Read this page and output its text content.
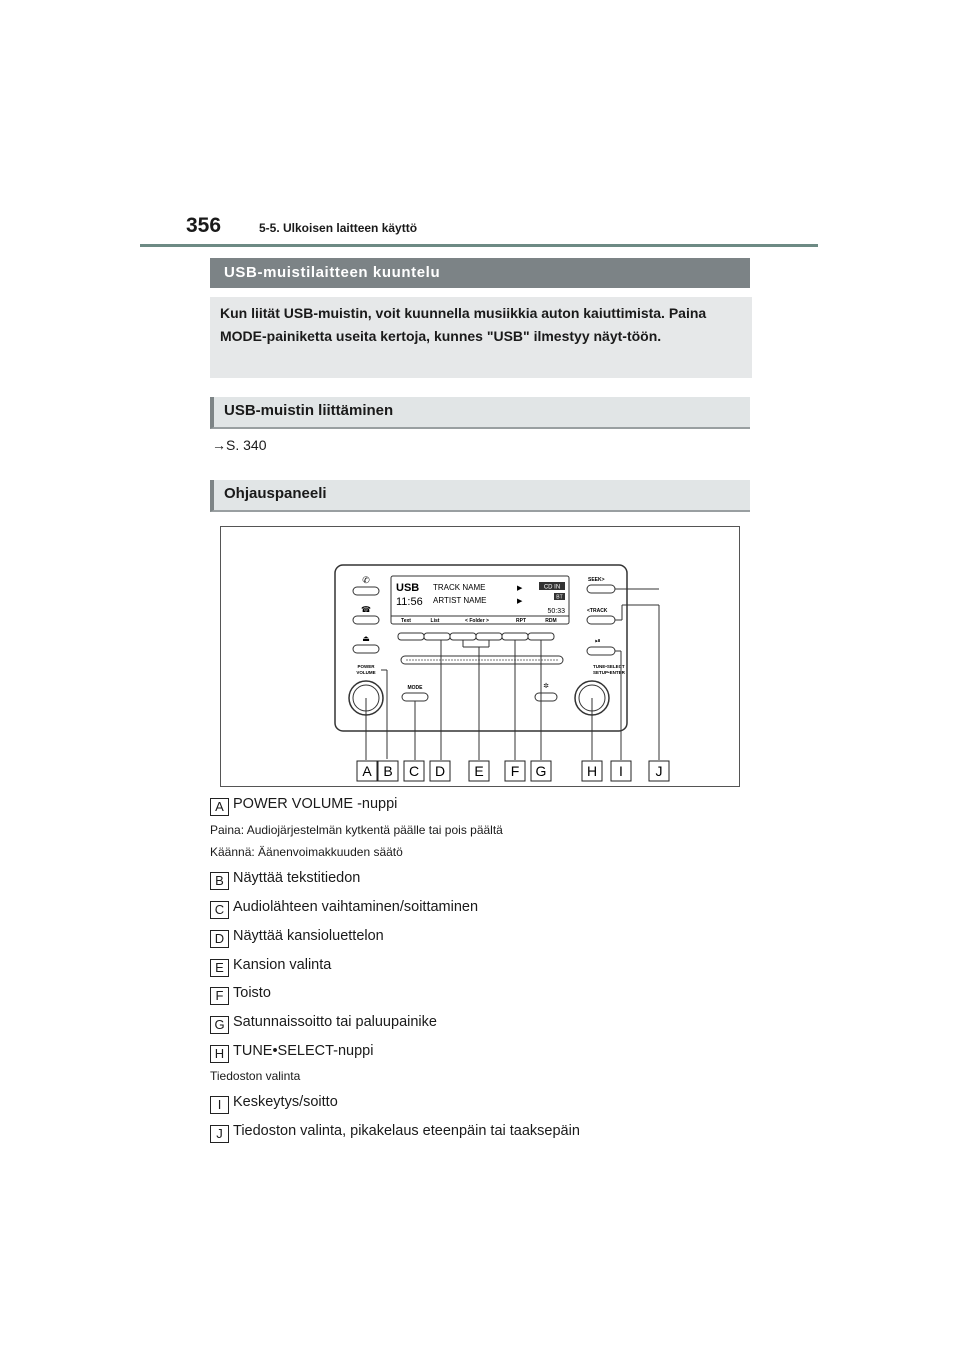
356	5-5. Ulkoisen laitteen käyttö
USB-muistilaitteen kuuntelu
Kun liität USB-muistin, voit kuunnella musiikkia auton kaiuttimista. Paina MODE-painiketta useita kertoja, kunnes "USB" ilmestyy näyt-töön.
USB-muistin liittäminen
→S. 340
Ohjauspaneeli
✆
☎
⏏
POWER
VOLUME
USB
11:56
TRACK NAME
ARTIST NAME
▶
▶
CD IN
BT
50:33
Text	List	< Folder >	RPT	RDM
MODE	✲
SEEK>
<TRACK
⏯
TUNE•SELECT
SETUP•ENTER
A B C D E F G	H I J
A POWER VOLUME -nuppi
Paina: Audiojärjestelmän kytkentä päälle tai pois päältä
Käännä: Äänenvoimakkuuden säätö
B Näyttää tekstitiedon
C Audiolähteen vaihtaminen/soittaminen
D Näyttää kansioluettelon
E Kansion valinta
F Toisto
G Satunnaissoitto tai paluupainike
H TUNE•SELECT-nuppi
Tiedoston valinta
I Keskeytys/soitto
J Tiedoston valinta, pikakelaus eteenpäin tai taaksepäin
